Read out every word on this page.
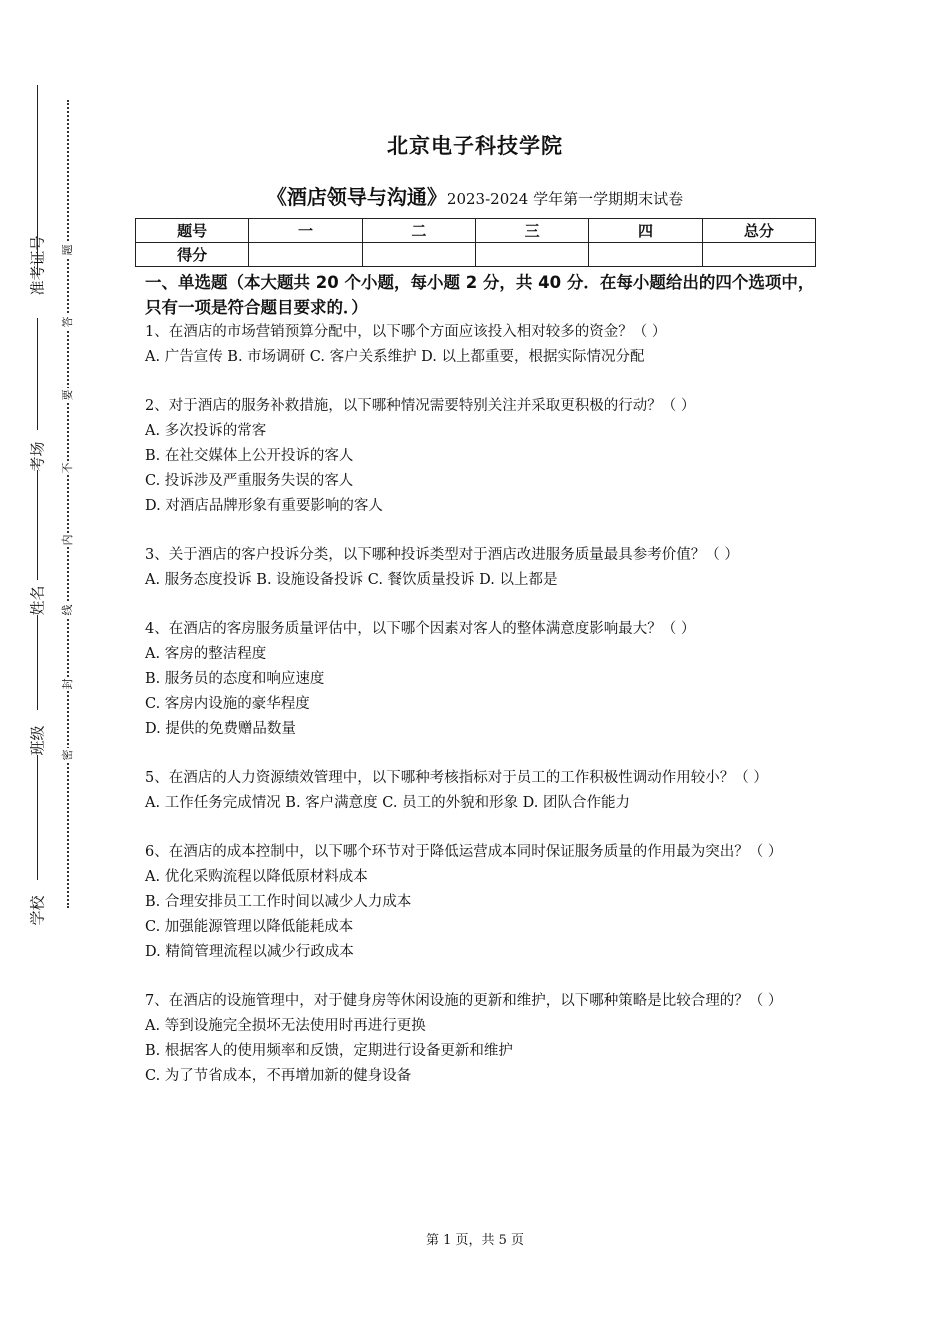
准考证号
考场
姓名
班级
学校
题
答
要
不
内
线
封
密
北京电子科技学院
《酒店领导与沟通》2023-2024 学年第一学期期末试卷
题号	一	二	三	四	总分
得分					
一、单选题（本大题共 20 个小题，每小题 2 分，共 40 分．在每小题给出的四个选项中，只有一项是符合题目要求的．）

1、在酒店的市场营销预算分配中，以下哪个方面应该投入相对较多的资金？（ ）

A. 广告宣传 B. 市场调研 C. 客户关系维护 D. 以上都重要，根据实际情况分配

2、对于酒店的服务补救措施，以下哪种情况需要特别关注并采取更积极的行动？（ ）

A. 多次投诉的常客

B. 在社交媒体上公开投诉的客人

C. 投诉涉及严重服务失误的客人

D. 对酒店品牌形象有重要影响的客人

3、关于酒店的客户投诉分类，以下哪种投诉类型对于酒店改进服务质量最具参考价值？（ ）

A. 服务态度投诉 B. 设施设备投诉 C. 餐饮质量投诉 D. 以上都是

4、在酒店的客房服务质量评估中，以下哪个因素对客人的整体满意度影响最大？（ ）

A. 客房的整洁程度

B. 服务员的态度和响应速度

C. 客房内设施的豪华程度

D. 提供的免费赠品数量

5、在酒店的人力资源绩效管理中，以下哪种考核指标对于员工的工作积极性调动作用较小？（ ）

A. 工作任务完成情况 B. 客户满意度 C. 员工的外貌和形象 D. 团队合作能力

6、在酒店的成本控制中，以下哪个环节对于降低运营成本同时保证服务质量的作用最为突出？（ ）

A. 优化采购流程以降低原材料成本

B. 合理安排员工工作时间以减少人力成本

C. 加强能源管理以降低能耗成本

D. 精简管理流程以减少行政成本

7、在酒店的设施管理中，对于健身房等休闲设施的更新和维护，以下哪种策略是比较合理的？（ ）

A. 等到设施完全损坏无法使用时再进行更换

B. 根据客人的使用频率和反馈，定期进行设备更新和维护

C. 为了节省成本，不再增加新的健身设备

第 1 页，共 5 页
